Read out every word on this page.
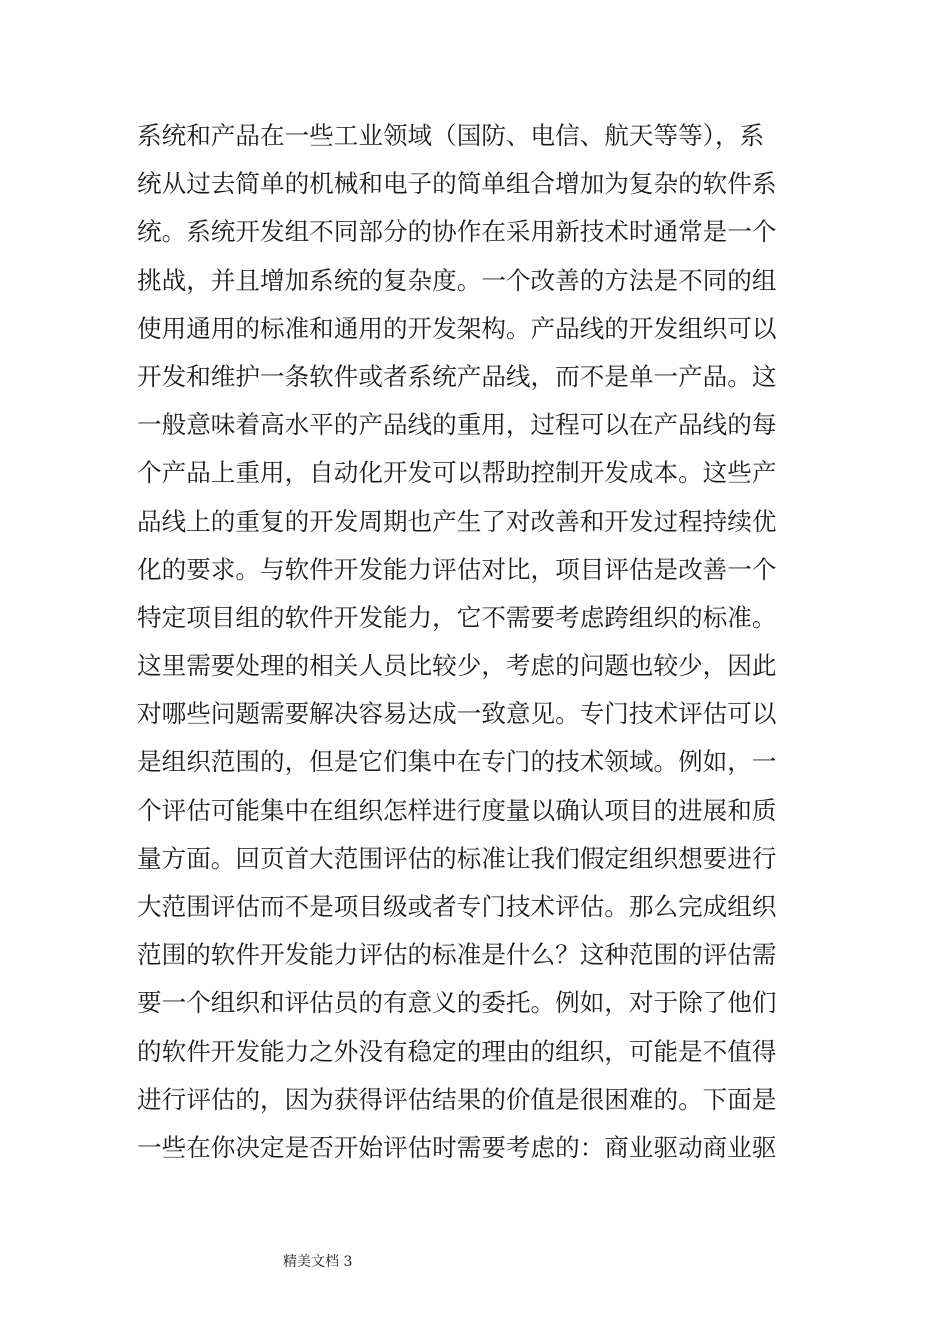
系统和产品在一些工业领域（国防、电信、航天等等），系
统从过去简单的机械和电子的简单组合增加为复杂的软件系
统。系统开发组不同部分的协作在采用新技术时通常是一个
挑战，并且增加系统的复杂度。一个改善的方法是不同的组
使用通用的标准和通用的开发架构。产品线的开发组织可以
开发和维护一条软件或者系统产品线，而不是单一产品。这
一般意味着高水平的产品线的重用，过程可以在产品线的每
个产品上重用，自动化开发可以帮助控制开发成本。这些产
品线上的重复的开发周期也产生了对改善和开发过程持续优
化的要求。与软件开发能力评估对比，项目评估是改善一个
特定项目组的软件开发能力，它不需要考虑跨组织的标准。
这里需要处理的相关人员比较少，考虑的问题也较少，因此
对哪些问题需要解决容易达成一致意见。专门技术评估可以
是组织范围的，但是它们集中在专门的技术领域。例如，一
个评估可能集中在组织怎样进行度量以确认项目的进展和质
量方面。回页首大范围评估的标准让我们假定组织想要进行
大范围评估而不是项目级或者专门技术评估。那么完成组织
范围的软件开发能力评估的标准是什么？这种范围的评估需
要一个组织和评估员的有意义的委托。例如，对于除了他们
的软件开发能力之外没有稳定的理由的组织，可能是不值得
进行评估的，因为获得评估结果的价值是很困难的。下面是
一些在你决定是否开始评估时需要考虑的：商业驱动商业驱
精美文档 3
